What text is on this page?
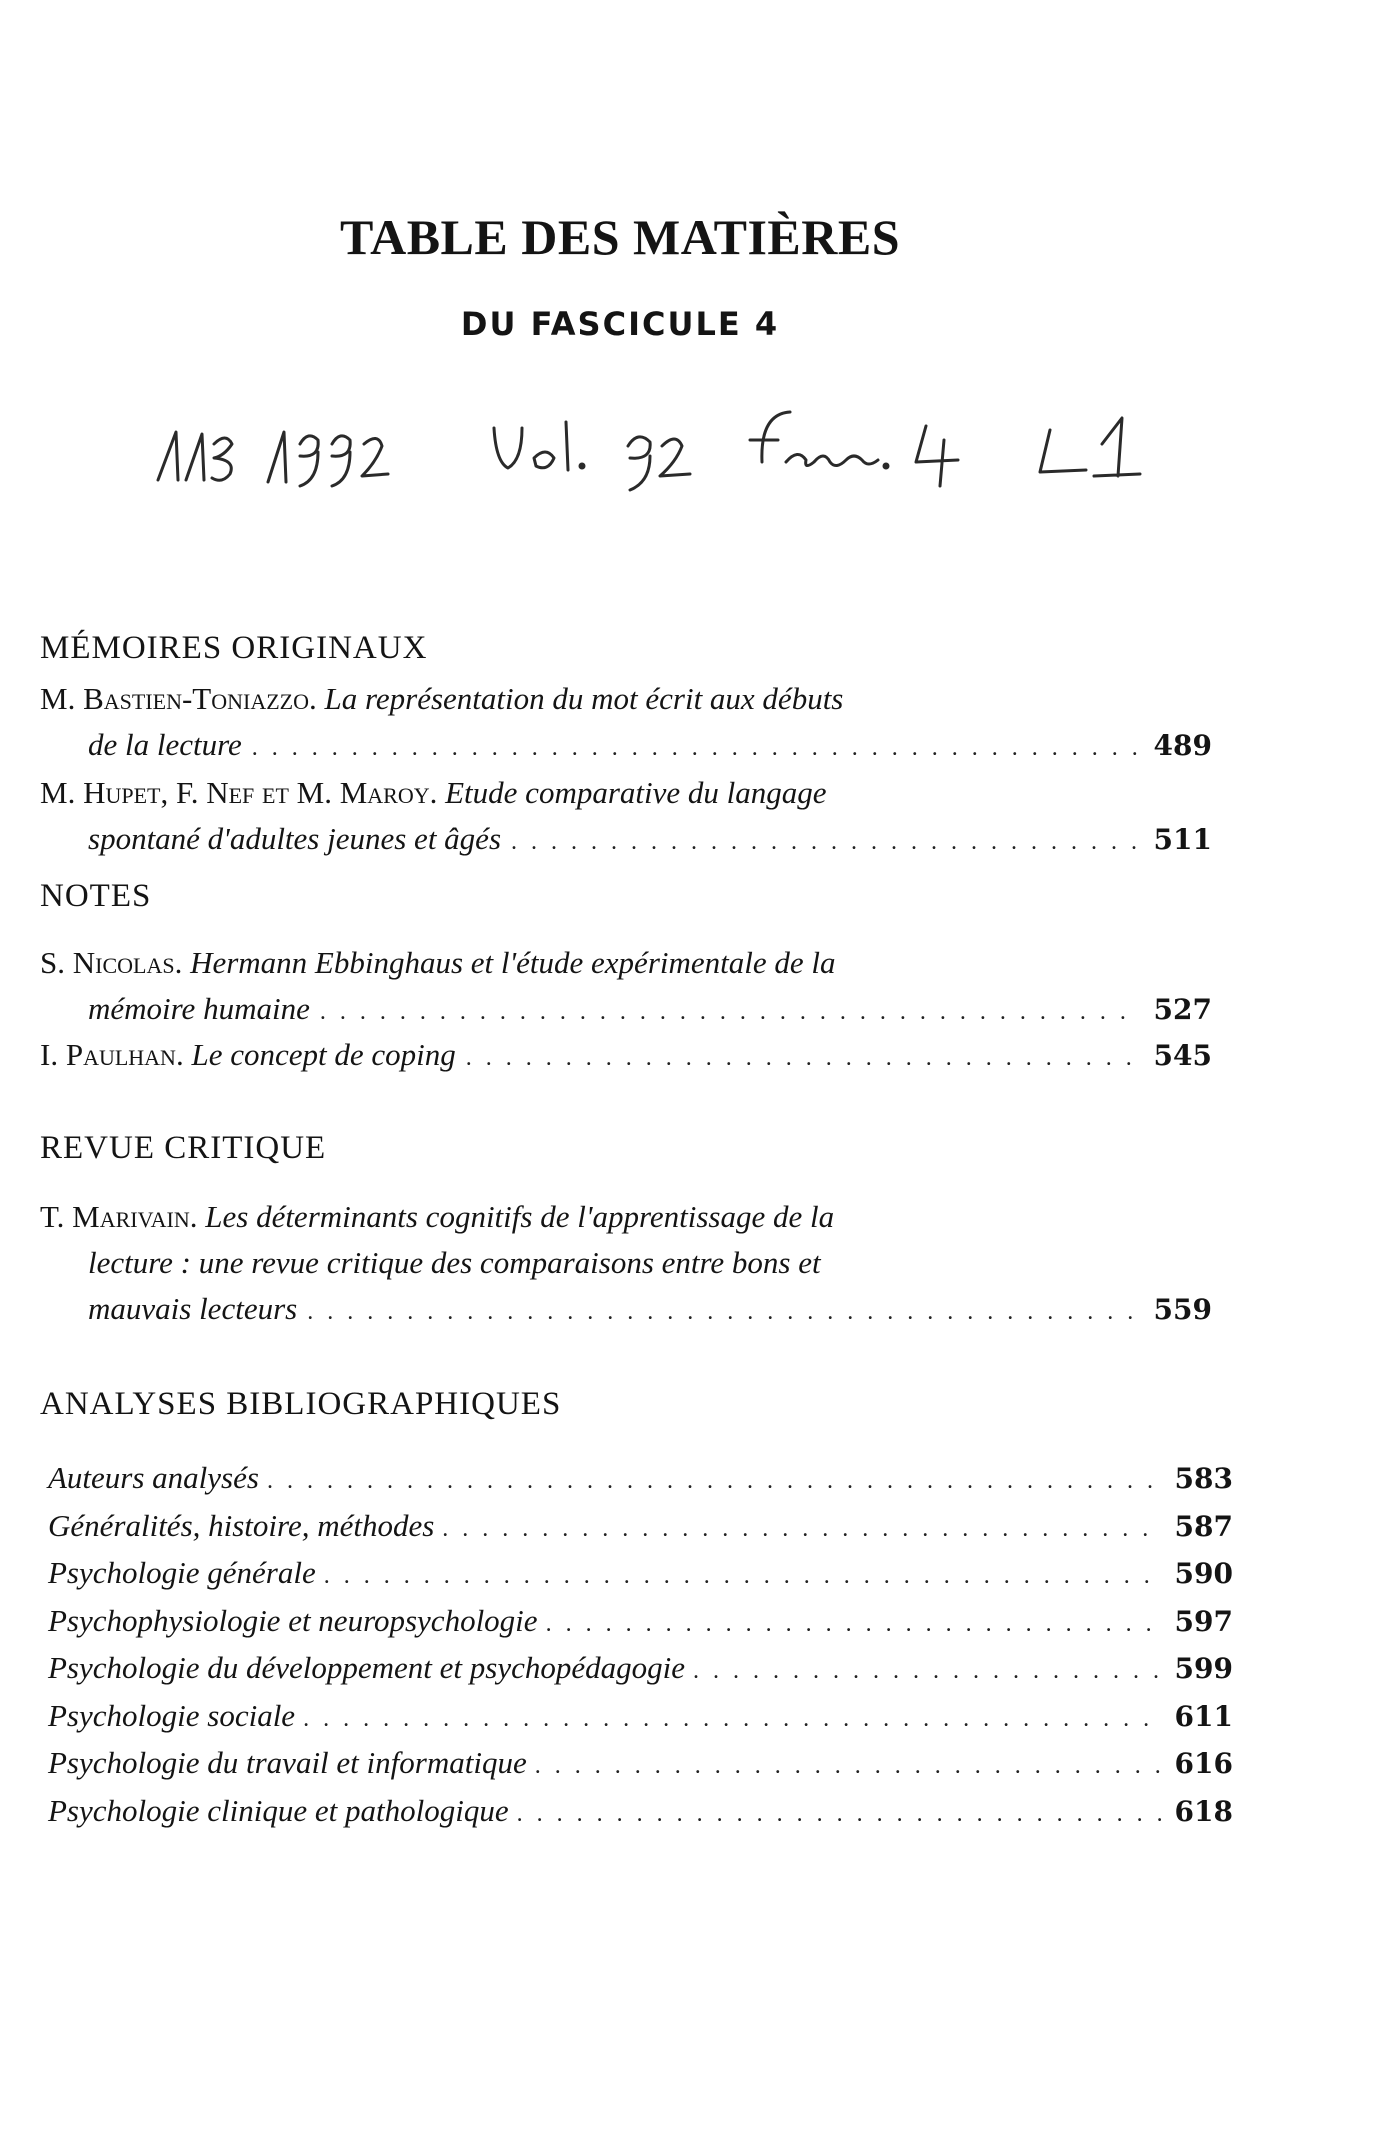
TABLE DES MATIÈRES
DU FASCICULE 4
MÉMOIRES ORIGINAUX
M. Bastien-Toniazzo. La représentation du mot écrit aux débuts
de la lecture . . .	489
M. Hupet, F. Nef et M. Maroy. Etude comparative du langage
spontané d'adultes jeunes et âgés . . .	511
NOTES
S. Nicolas. Hermann Ebbinghaus et l'étude expérimentale de la
mémoire humaine . . .	527
I. Paulhan. Le concept de coping . . .	545
REVUE CRITIQUE
T. Marivain. Les déterminants cognitifs de l'apprentissage de la
lecture : une revue critique des comparaisons entre bons et
mauvais lecteurs . . .	559
ANALYSES BIBLIOGRAPHIQUES
Auteurs analysés . . .	583
Généralités, histoire, méthodes . . .	587
Psychologie générale . . .	590
Psychophysiologie et neuropsychologie . . .	597
Psychologie du développement et psychopédagogie . . .	599
Psychologie sociale . . .	611
Psychologie du travail et informatique . . .	616
Psychologie clinique et pathologique . . .	618
